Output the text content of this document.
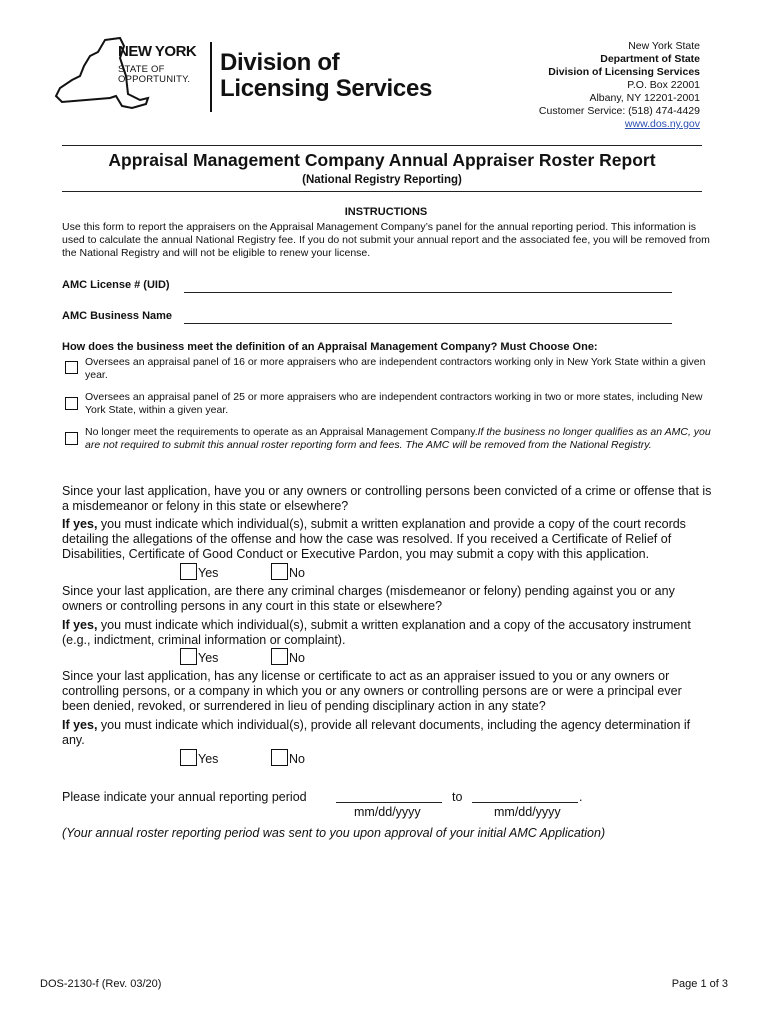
NEW YORK
STATE OF
OPPORTUNITY.
Division of
Licensing Services
New York State
Department of State
Division of Licensing Services
P.O. Box 22001
Albany, NY 12201-2001
Customer Service: (518) 474-4429
www.dos.ny.gov
Appraisal Management Company Annual Appraiser Roster Report
(National Registry Reporting)
INSTRUCTIONS
Use this form to report the appraisers on the Appraisal Management Company’s panel for the annual reporting period. This information is used to calculate the annual National Registry fee. If you do not submit your annual report and the associated fee, you will be removed from the National Registry and will not be eligible to renew your license.
AMC License # (UID)
AMC Business Name
How does the business meet the definition of an Appraisal Management Company? Must Choose One:
Oversees an appraisal panel of 16 or more appraisers who are independent contractors working only in New York State within a given year.
Oversees an appraisal panel of 25 or more appraisers who are independent contractors working in two or more states, including New York State, within a given year.
No longer meet the requirements to operate as an Appraisal Management Company.If the business no longer qualifies as an AMC, you are not required to submit this annual roster reporting form and fees. The AMC will be removed from the National Registry.
Since your last application, have you or any owners or controlling persons been convicted of a crime or offense that is a misdemeanor or felony in this state or elsewhere?
If yes, you must indicate which individual(s), submit a written explanation and provide a copy of the court records detailing the allegations of the offense and how the case was resolved. If you received a Certificate of Relief of Disabilities, Certificate of Good Conduct or Executive Pardon, you may submit a copy with this application.
Yes	No
Since your last application, are there any criminal charges (misdemeanor or felony) pending against you or any owners or controlling persons in any court in this state or elsewhere?
If yes, you must indicate which individual(s), submit a written explanation and a copy of the accusatory instrument (e.g., indictment, criminal information or complaint).
Yes	No
Since your last application, has any license or certificate to act as an appraiser issued to you or any owners or controlling persons, or a company in which you or any owners or controlling persons are or were a principal ever been denied, revoked, or surrendered in lieu of pending disciplinary action in any state?
If yes, you must indicate which individual(s), provide all relevant documents, including the agency determination if any.
Yes	No
Please indicate your annual reporting period	to	.
mm/dd/yyyy	mm/dd/yyyy
(Your annual roster reporting period was sent to you upon approval of your initial AMC Application)
DOS-2130-f (Rev. 03/20)	Page 1 of 3
